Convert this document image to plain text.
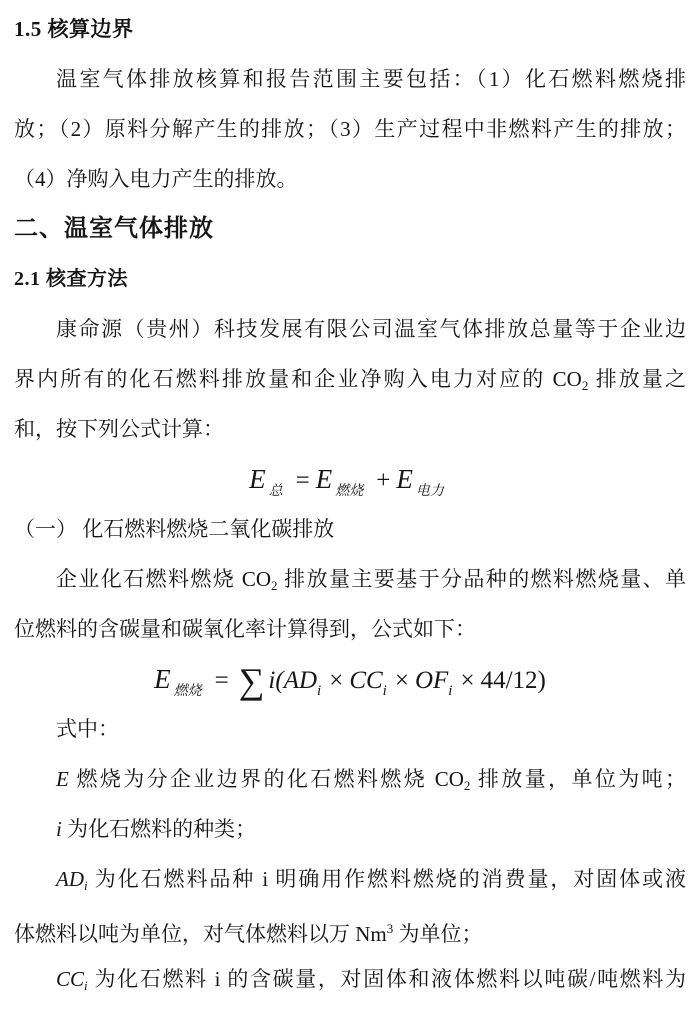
1.5 核算边界
温室气体排放核算和报告范围主要包括：（1）化石燃料燃烧排
放；（2）原料分解产生的排放；（3）生产过程中非燃料产生的排放；
（4）净购入电力产生的排放。
二、温室气体排放
2.1 核查方法
康命源（贵州）科技发展有限公司温室气体排放总量等于企业边
界内所有的化石燃料排放量和企业净购入电力对应的 $CO_2$ 排放量之
和，按下列公式计算：
E $_总$ = E $_{燃烧}$ + E $_{电力}$
（一） 化石燃料燃烧二氧化碳排放
企业化石燃料燃烧 $CO_2$ 排放量主要基于分品种的燃料燃烧量、单
位燃料的含碳量和碳氧化率计算得到，公式如下：
E $_{燃烧}$ = ∑ $i(AD_i \times CC_i \times OF_i \times 44/12)$
式中：
E 燃烧为分企业边界的化石燃料燃烧 $CO_2$ 排放量，单位为吨；
i 为化石燃料的种类；
$AD_i$ 为化石燃料品种 i 明确用作燃料燃烧的消费量，对固体或液
体燃料以吨为单位，对气体燃料以万 Nm$^3$ 为单位；
$CC_i$ 为化石燃料 i 的含碳量，对固体和液体燃料以吨碳/吨燃料为
